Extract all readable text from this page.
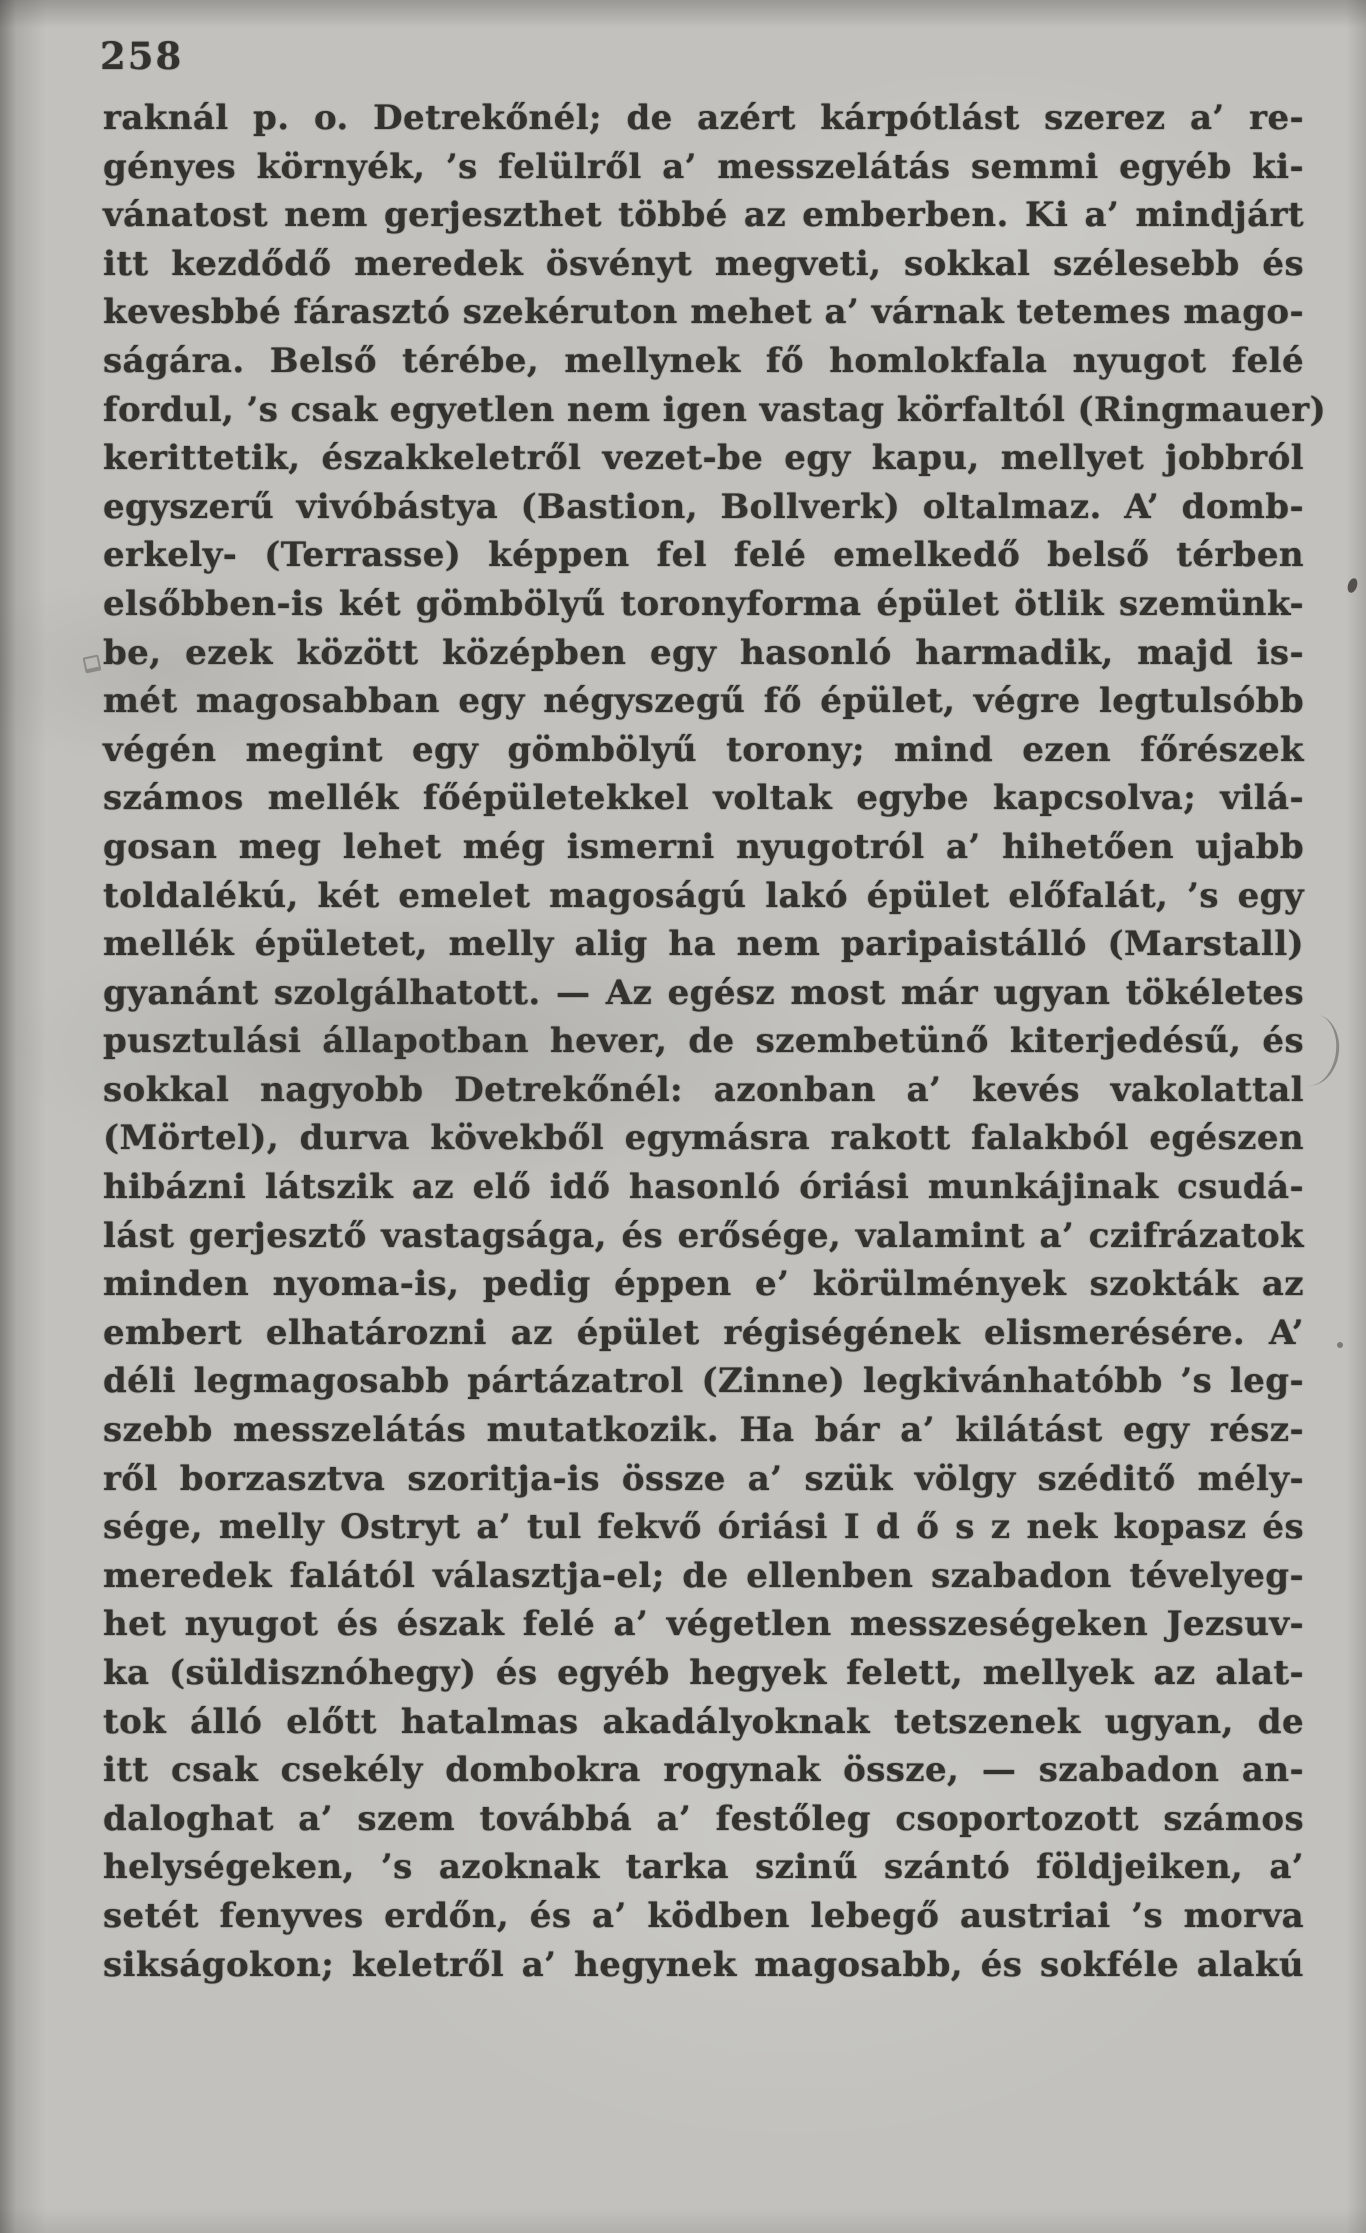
258
raknál p. o. Detrekőnél; de azért kárpótlást szerez a’ re-
gényes környék, ’s felülről a’ messzelátás semmi egyéb ki-
vánatost nem gerjeszthet többé az emberben. Ki a’ mindjárt
itt kezdődő meredek ösvényt megveti, sokkal szélesebb és
kevesbbé fárasztó szekéruton mehet a’ várnak tetemes mago-
ságára. Belső térébe, mellynek fő homlokfala nyugot felé
fordul, ’s csak egyetlen nem igen vastag körfaltól (Ringmauer)
kerittetik, északkeletről vezet-be egy kapu, mellyet jobbról
egyszerű vivóbástya (Bastion, Bollverk) oltalmaz. A’ domb-
erkely- (Terrasse) képpen fel felé emelkedő belső térben
elsőbben-is két gömbölyű toronyforma épület ötlik szemünk-
be, ezek között középben egy hasonló harmadik, majd is-
mét magosabban egy négyszegű fő épület, végre legtulsóbb
végén megint egy gömbölyű torony; mind ezen főrészek
számos mellék főépületekkel voltak egybe kapcsolva; vilá-
gosan meg lehet még ismerni nyugotról a’ hihetően ujabb
toldalékú, két emelet magoságú lakó épület előfalát, ’s egy
mellék épületet, melly alig ha nem paripaistálló (Marstall)
gyanánt szolgálhatott. — Az egész most már ugyan tökéletes
pusztulási állapotban hever, de szembetünő kiterjedésű, és
sokkal nagyobb Detrekőnél: azonban a’ kevés vakolattal
(Mörtel), durva kövekből egymásra rakott falakból egészen
hibázni látszik az elő idő hasonló óriási munkájinak csudá-
lást gerjesztő vastagsága, és erősége, valamint a’ czifrázatok
minden nyoma-is, pedig éppen e’ körülmények szokták az
embert elhatározni az épület régiségének elismerésére. A’
déli legmagosabb pártázatrol (Zinne) legkivánhatóbb ’s leg-
szebb messzelátás mutatkozik. Ha bár a’ kilátást egy rész-
ről borzasztva szoritja-is össze a’ szük völgy széditő mély-
sége, melly Ostryt a’ tul fekvő óriási I d ő s z nek kopasz és
meredek falától választja-el; de ellenben szabadon tévelyeg-
het nyugot és észak felé a’ végetlen messzeségeken Jezsuv-
ka (süldisznóhegy) és egyéb hegyek felett, mellyek az alat-
tok álló előtt hatalmas akadályoknak tetszenek ugyan, de
itt csak csekély dombokra rogynak össze, — szabadon an-
daloghat a’ szem továbbá a’ festőleg csoportozott számos
helységeken, ’s azoknak tarka szinű szántó földjeiken, a’
setét fenyves erdőn, és a’ ködben lebegő austriai ’s morva
sikságokon; keletről a’ hegynek magosabb, és sokféle alakú
